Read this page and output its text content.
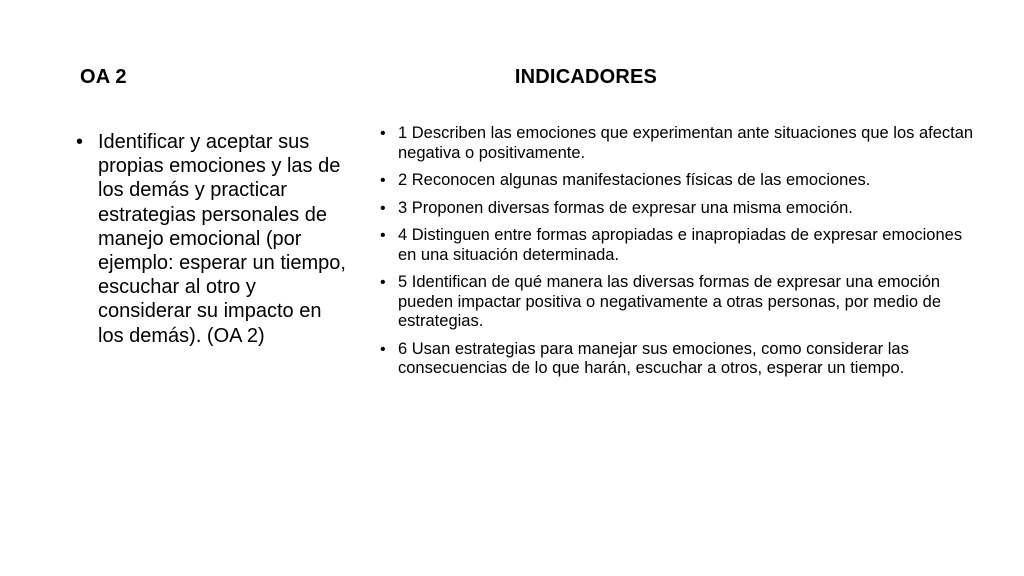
OA 2	INDICADORES
• Identificar y aceptar sus propias emociones y las de los demás y practicar estrategias personales de manejo emocional (por ejemplo: esperar un tiempo, escuchar al otro y considerar su impacto en los demás). (OA 2)
• 1 Describen las emociones que experimentan ante situaciones que los afectan negativa o positivamente.
• 2 Reconocen algunas manifestaciones físicas de las emociones.
• 3 Proponen diversas formas de expresar una misma emoción.
• 4 Distinguen entre formas apropiadas e inapropiadas de expresar emociones en una situación determinada.
• 5 Identifican de qué manera las diversas formas de expresar una emoción pueden impactar positiva o negativamente a otras personas, por medio de estrategias.
• 6 Usan estrategias para manejar sus emociones, como considerar las consecuencias de lo que harán, escuchar a otros, esperar un tiempo.
